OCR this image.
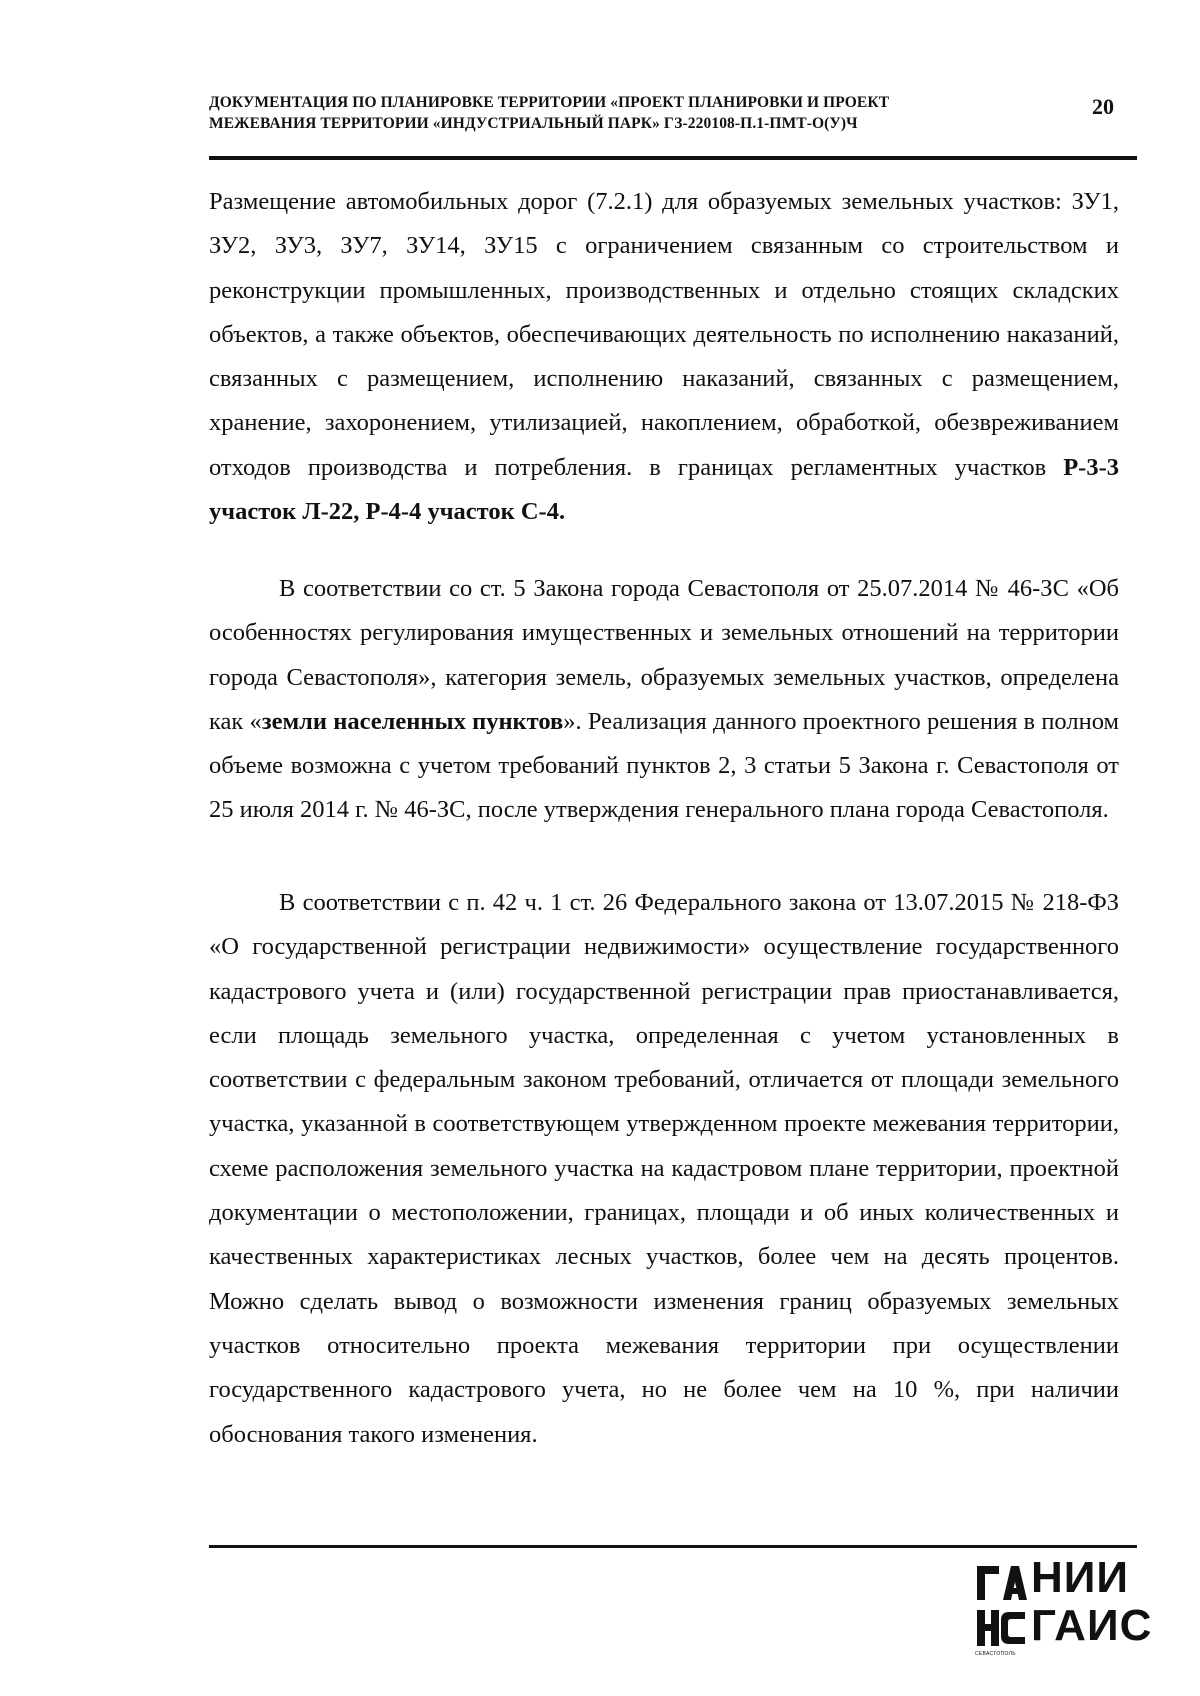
ДОКУМЕНТАЦИЯ ПО ПЛАНИРОВКЕ ТЕРРИТОРИИ «ПРОЕКТ ПЛАНИРОВКИ И ПРОЕКТ
МЕЖЕВАНИЯ ТЕРРИТОРИИ «ИНДУСТРИАЛЬНЫЙ ПАРК» ГЗ-220108-П.1-ПМТ-О(У)Ч
20

Размещение автомобильных дорог (7.2.1) для образуемых земельных участков: ЗУ1, ЗУ2, ЗУ3, ЗУ7, ЗУ14, ЗУ15 с ограничением связанным со строительством и реконструкции промышленных, производственных и отдельно стоящих складских объектов, а также объектов, обеспечивающих деятельность по исполнению наказаний, связанных с размещением, исполнению наказаний, связанных с размещением, хранение, захоронением, утилизацией, накоплением, обработкой, обезвреживанием отходов производства и потребления. в границах регламентных участков Р-3-3 участок Л-22, Р-4-4 участок С-4.

В соответствии со ст. 5 Закона города Севастополя от 25.07.2014 № 46-ЗС «Об особенностях регулирования имущественных и земельных отношений на территории города Севастополя», категория земель, образуемых земельных участков, определена как «земли населенных пунктов». Реализация данного проектного решения в полном объеме возможна с учетом требований пунктов 2, 3 статьи 5 Закона г. Севастополя от 25 июля 2014 г. № 46-ЗС, после утверждения генерального плана города Севастополя.

В соответствии с п. 42 ч. 1 ст. 26 Федерального закона от 13.07.2015 № 218-ФЗ «О государственной регистрации недвижимости» осуществление государственного кадастрового учета и (или) государственной регистрации прав приостанавливается, если площадь земельного участка, определенная с учетом установленных в соответствии с федеральным законом требований, отличается от площади земельного участка, указанной в соответствующем утвержденном проекте межевания территории, схеме расположения земельного участка на кадастровом плане территории, проектной документации о местоположении, границах, площади и об иных количественных и качественных характеристиках лесных участков, более чем на десять процентов. Можно сделать вывод о возможности изменения границ образуемых земельных участков относительно проекта межевания территории при осуществлении государственного кадастрового учета, но не более чем на 10 %, при наличии обоснования такого изменения.

НИИ
ГАИС
СЕВАСТОПОЛЬ
